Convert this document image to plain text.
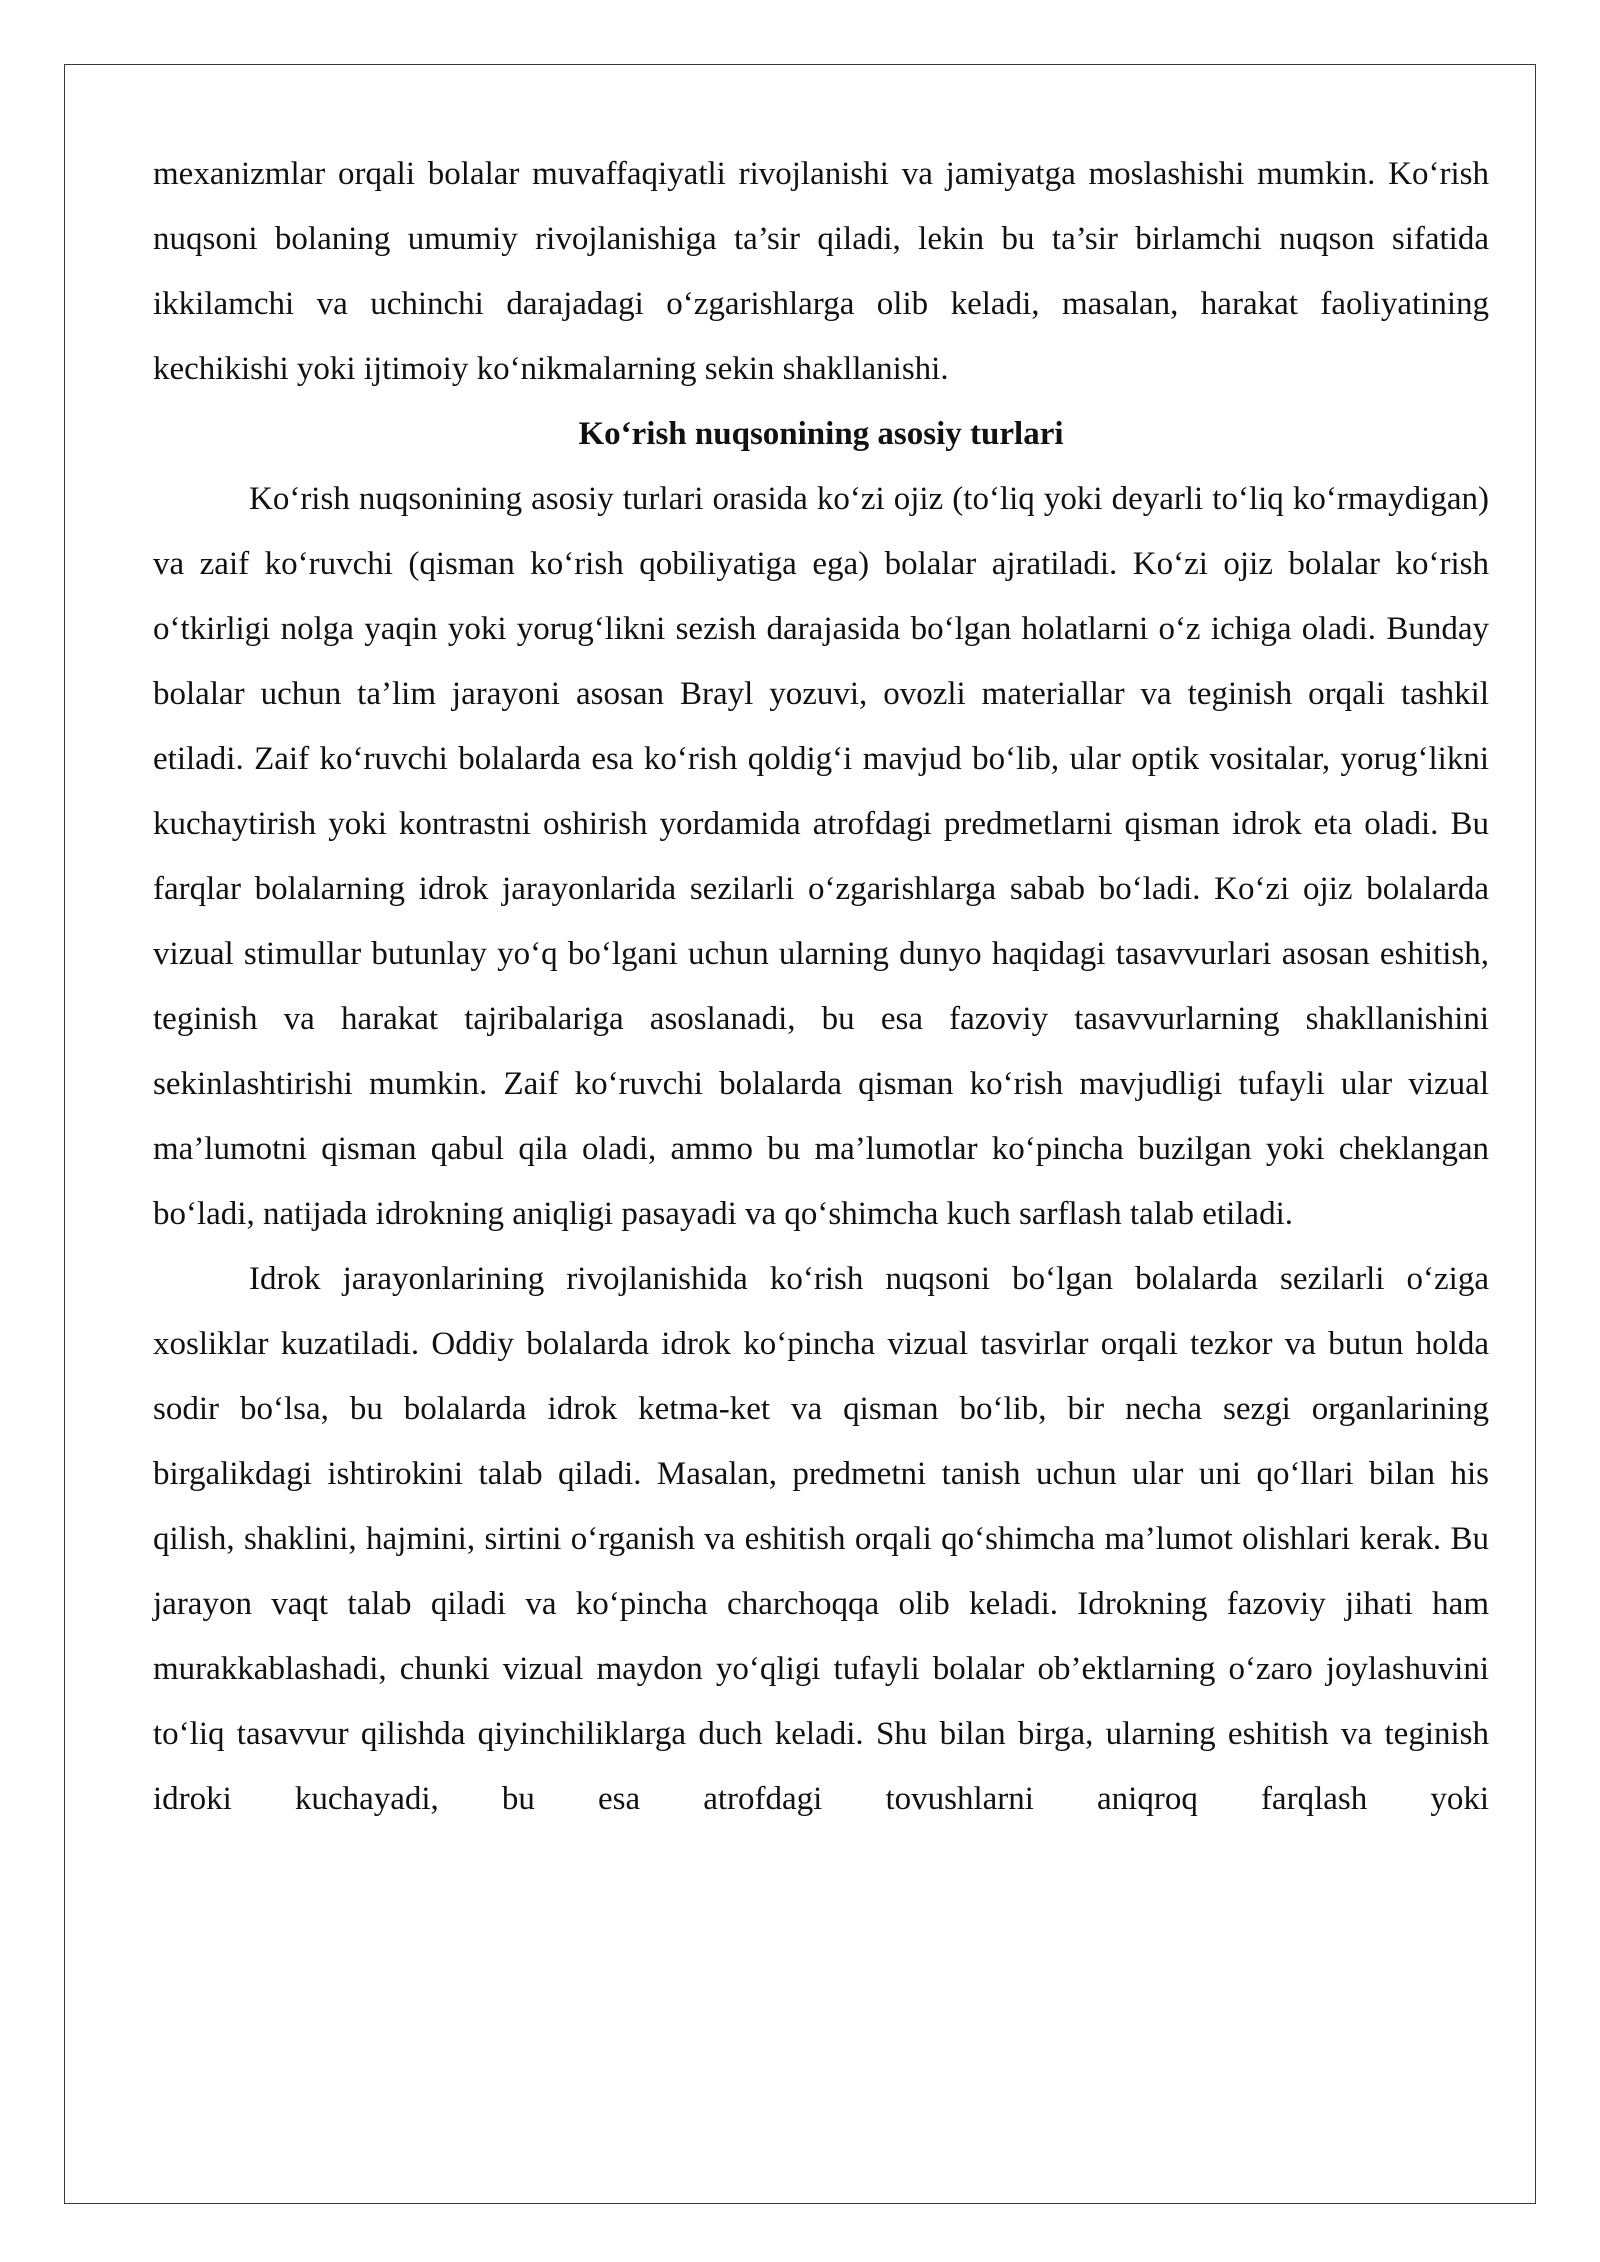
mexanizmlar orqali bolalar muvaffaqiyatli rivojlanishi va jamiyatga moslashishi mumkin. Ko‘rish nuqsoni bolaning umumiy rivojlanishiga ta’sir qiladi, lekin bu ta’sir birlamchi nuqson sifatida ikkilamchi va uchinchi darajadagi o‘zgarishlarga olib keladi, masalan, harakat faoliyatining kechikishi yoki ijtimoiy ko‘nikmalarning sekin shakllanishi.

Ko‘rish nuqsonining asosiy turlari

Ko‘rish nuqsonining asosiy turlari orasida ko‘zi ojiz (to‘liq yoki deyarli to‘liq ko‘rmaydigan) va zaif ko‘ruvchi (qisman ko‘rish qobiliyatiga ega) bolalar ajratiladi. Ko‘zi ojiz bolalar ko‘rish o‘tkirligi nolga yaqin yoki yorug‘likni sezish darajasida bo‘lgan holatlarni o‘z ichiga oladi. Bunday bolalar uchun ta’lim jarayoni asosan Brayl yozuvi, ovozli materiallar va teginish orqali tashkil etiladi. Zaif ko‘ruvchi bolalarda esa ko‘rish qoldig‘i mavjud bo‘lib, ular optik vositalar, yorug‘likni kuchaytirish yoki kontrastni oshirish yordamida atrofdagi predmetlarni qisman idrok eta oladi. Bu farqlar bolalarning idrok jarayonlarida sezilarli o‘zgarishlarga sabab bo‘ladi. Ko‘zi ojiz bolalarda vizual stimullar butunlay yo‘q bo‘lgani uchun ularning dunyo haqidagi tasavvurlari asosan eshitish, teginish va harakat tajribalariga asoslanadi, bu esa fazoviy tasavvurlarning shakllanishini sekinlashtirishi mumkin. Zaif ko‘ruvchi bolalarda qisman ko‘rish mavjudligi tufayli ular vizual ma’lumotni qisman qabul qila oladi, ammo bu ma’lumotlar ko‘pincha buzilgan yoki cheklangan bo‘ladi, natijada idrokning aniqligi pasayadi va qo‘shimcha kuch sarflash talab etiladi.

Idrok jarayonlarining rivojlanishida ko‘rish nuqsoni bo‘lgan bolalarda sezilarli o‘ziga xosliklar kuzatiladi. Oddiy bolalarda idrok ko‘pincha vizual tasvirlar orqali tezkor va butun holda sodir bo‘lsa, bu bolalarda idrok ketma-ket va qisman bo‘lib, bir necha sezgi organlarining birgalikdagi ishtirokini talab qiladi. Masalan, predmetni tanish uchun ular uni qo‘llari bilan his qilish, shaklini, hajmini, sirtini o‘rganish va eshitish orqali qo‘shimcha ma’lumot olishlari kerak. Bu jarayon vaqt talab qiladi va ko‘pincha charchoqqa olib keladi. Idrokning fazoviy jihati ham murakkablashadi, chunki vizual maydon yo‘qligi tufayli bolalar ob’ektlarning o‘zaro joylashuvini to‘liq tasavvur qilishda qiyinchiliklarga duch keladi. Shu bilan birga, ularning eshitish va teginish idroki kuchayadi, bu esa atrofdagi tovushlarni aniqroq farqlash yoki
